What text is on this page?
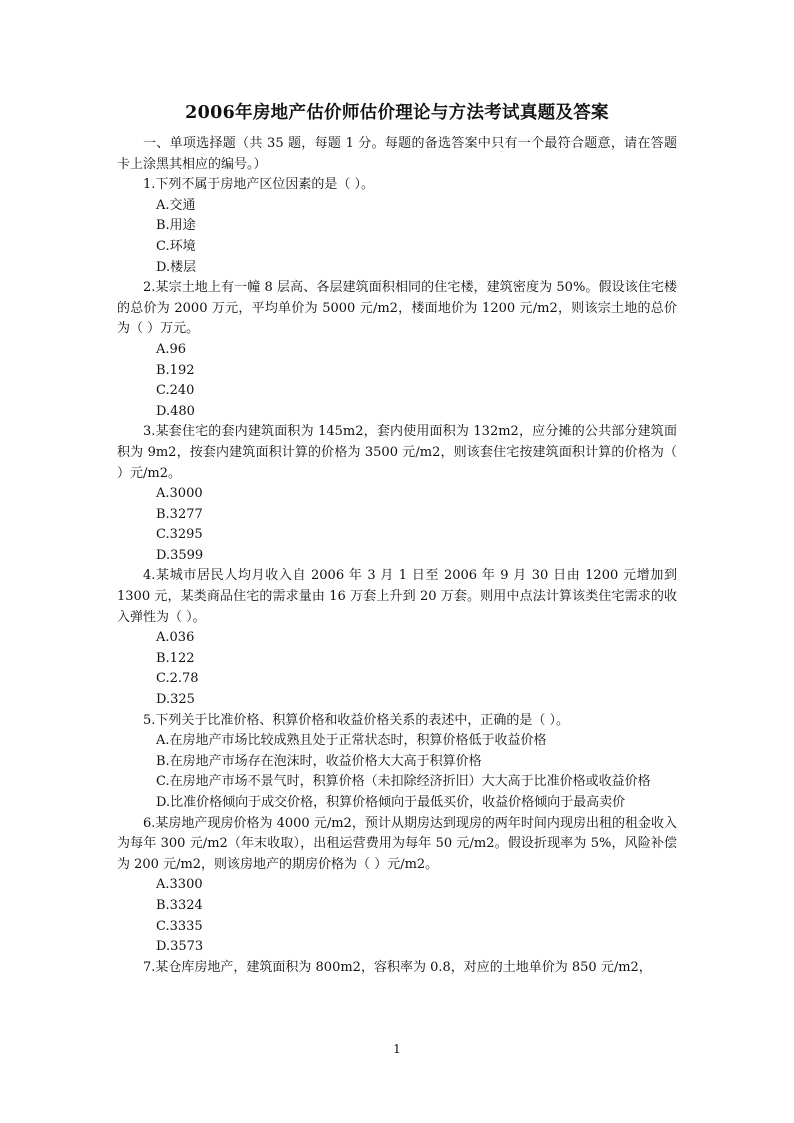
2006年房地产估价师估价理论与方法考试真题及答案

一、单项选择题（共 35 题，每题 1 分。每题的备选答案中只有一个最符合题意，请在答题卡上涂黑其相应的编号。）

1.下列不属于房地产区位因素的是（ ）。

A.交通
B.用途
C.环境
D.楼层

2.某宗土地上有一幢 8 层高、各层建筑面积相同的住宅楼，建筑密度为 50%。假设该住宅楼的总价为 2000 万元，平均单价为 5000 元/m2，楼面地价为 1200 元/m2，则该宗土地的总价为（ ）万元。

A.96
B.192
C.240
D.480

3.某套住宅的套内建筑面积为 145m2，套内使用面积为 132m2，应分摊的公共部分建筑面积为 9m2，按套内建筑面积计算的价格为 3500 元/m2，则该套住宅按建筑面积计算的价格为（ ）元/m2。

A.3000
B.3277
C.3295
D.3599

4.某城市居民人均月收入自 2006 年 3 月 1 日至 2006 年 9 月 30 日由 1200 元增加到 1300 元，某类商品住宅的需求量由 16 万套上升到 20 万套。则用中点法计算该类住宅需求的收入弹性为（ ）。

A.036
B.122
C.2.78
D.325

5.下列关于比准价格、积算价格和收益价格关系的表述中，正确的是（ ）。

A.在房地产市场比较成熟且处于正常状态时，积算价格低于收益价格
B.在房地产市场存在泡沫时，收益价格大大高于积算价格
C.在房地产市场不景气时，积算价格（未扣除经济折旧）大大高于比准价格或收益价格
D.比准价格倾向于成交价格，积算价格倾向于最低买价，收益价格倾向于最高卖价

6.某房地产现房价格为 4000 元/m2，预计从期房达到现房的两年时间内现房出租的租金收入为每年 300 元/m2（年末收取），出租运营费用为每年 50 元/m2。假设折现率为 5%，风险补偿为 200 元/m2，则该房地产的期房价格为（ ）元/m2。

A.3300
B.3324
C.3335
D.3573

7.某仓库房地产，建筑面积为 800m2，容积率为 0.8，对应的土地单价为 850 元/m2，

1
